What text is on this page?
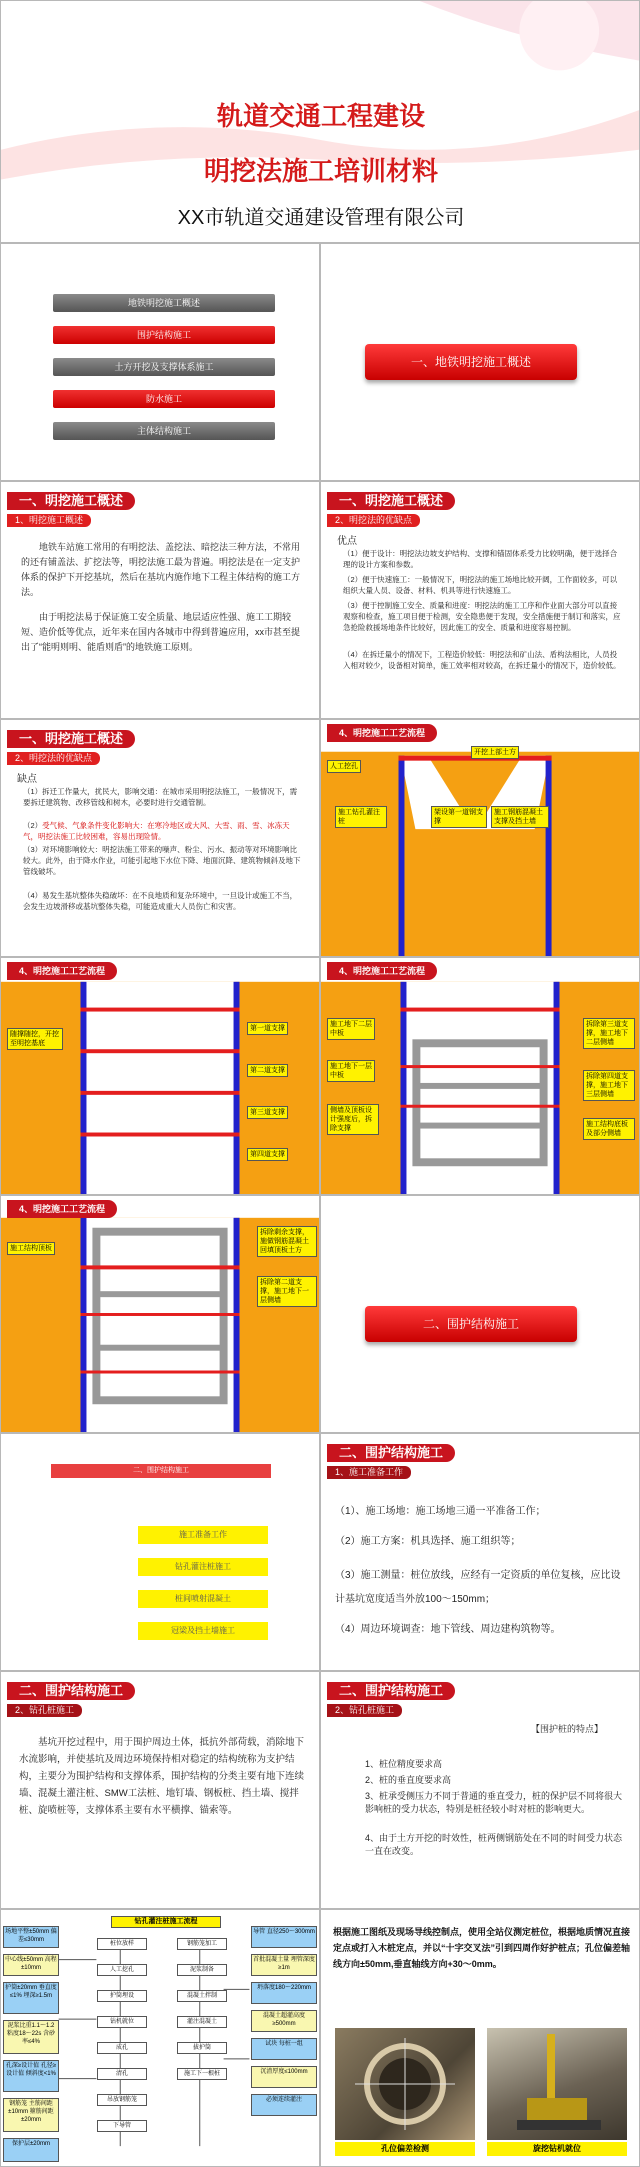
轨道交通工程建设
明挖法施工培训材料
XX市轨道交通建设管理有限公司
地铁明挖施工概述
围护结构施工
土方开挖及支撑体系施工
防水施工
主体结构施工
一、地铁明挖施工概述
一、明挖施工概述
1、明挖施工概述
地铁车站施工常用的有明挖法、盖挖法、暗挖法三种方法，不常用的还有铺盖法、扩挖法等，明挖法施工最为普遍。明挖法是在一定支护体系的保护下开挖基坑，然后在基坑内施作地下工程主体结构的施工方法。
由于明挖法易于保证施工安全质量、地层适应性强、施工工期较短、造价低等优点，近年来在国内各城市中得到普遍应用，xx市甚至提出了“能明则明、能盾则盾”的地铁施工原则。
一、明挖施工概述
2、明挖法的优缺点
优点
（1）便于设计：明挖法边坡支护结构、支撑和锚固体系受力比较明确，便于选择合理的设计方案和参数。
（2）便于快速施工：一般情况下，明挖法的施工场地比较开阔，工作面较多，可以组织大量人员、设备、材料、机具等进行快速施工。
（3）便于控制施工安全、质量和进度：明挖法的施工工序和作业面大部分可以直接观察和检查，施工项目便于检测，安全隐患便于发现，安全措施便于制订和落实，应急抢险救援场地条件比较好，因此施工的安全、质量和进度容易控制。
（4）在拆迁量小的情况下，工程造价较低：明挖法和矿山法、盾构法相比，人员投入相对较少，设备相对简单，施工效率相对较高，在拆迁量小的情况下，造价较低。
一、明挖施工概述
2、明挖法的优缺点
缺点
（1）拆迁工作量大，扰民大，影响交通：在城市采用明挖法施工，一般情况下，需要拆迁建筑物、改移管线和树木，必要时进行交通管制。
（2）受气候、气象条件变化影响大：在寒冷地区或大风、大雪、雨、雪、冰冻天气，明挖法施工比较困难，容易出现险情。
（3）对环境影响较大：明挖法施工带来的噪声、粉尘、污水、振动等对环境影响比较大。此外，由于降水作业，可能引起地下水位下降、地面沉降、建筑物倾斜及地下管线破坏。
（4）易发生基坑整体失稳破坏：在不良地质和复杂环境中，一旦设计或施工不当，会发生边坡滑移或基坑整体失稳，可能造成重大人员伤亡和灾害。
4、明挖施工工艺流程
开挖上部土方
人工挖孔
施工钻孔灌注桩
架设第一道钢支撑
施工钢筋混凝土支撑及挡土墙
4、明挖施工工艺流程
随撑随挖，开挖至明挖基底
第一道支撑
第二道支撑
第三道支撑
第四道支撑
4、明挖施工工艺流程
施工地下二层中板
拆除第三道支撑，施工地下二层侧墙
施工地下一层中板	拆除第四道支撑，施工地下三层侧墙
侧墙及顶板设计强度后，拆除支撑
施工结构底板及部分侧墙
4、明挖施工工艺流程
施工结构顶板
拆除剩余支撑，施做钢筋混凝土回填顶板土方
拆除第二道支撑，施工地下一层侧墙
二、围护结构施工
二、围护结构施工
施工准备工作
钻孔灌注桩施工
桩间喷射混凝土
冠梁及挡土墙施工
二、围护结构施工
1、施工准备工作
（1）、施工场地：施工场地三通一平准备工作；
（2）施工方案：机具选择、施工组织等；
（3）施工测量：桩位放线，应经有一定资质的单位复核，应比设计基坑宽度适当外放100～150mm；
（4）周边环境调查：地下管线、周边建构筑物等。
二、围护结构施工
2、钻孔桩施工
基坑开挖过程中，用于围护周边土体，抵抗外部荷载，消除地下水流影响，并使基坑及周边环境保持相对稳定的结构统称为支护结构，主要分为围护结构和支撑体系，围护结构的分类主要有地下连续墙、混凝土灌注桩、SMW工法桩、地钉墙、钢板桩、挡土墙、搅拌桩、旋喷桩等，支撑体系主要有水平横撑、锚索等。
二、围护结构施工
2、钻孔桩施工
【围护桩的特点】
1、桩位精度要求高
2、桩的垂直度要求高
3、桩承受侧压力不同于普通的垂直受力，桩的保护层不同将很大影响桩的受力状态，特别是桩径较小时对桩的影响更大。
4、由于土方开挖的时效性，桩两侧钢筋处在不同的时间受力状态一直在改变。
钻孔灌注桩施工流程
场地平整±50mm 偏差≤30mm
中心线±50mm 高程±10mm
护筒±20mm 垂直度≤1% 埋深≥1.5m
泥浆比重1.1～1.2 粘度18～22s 含砂率≤4%
孔深≥设计值 孔径≥设计值 倾斜度<1%
钢筋笼 主筋间距±10mm 箍筋间距±20mm
保护层±20mm
桩位放样
人工挖孔
护筒埋设
钻机就位
成孔
清孔
吊放钢筋笼
下导管
灌注混凝土
拔护筒
施工下一根桩
钢筋笼加工
泥浆制备
混凝土拌制
导管 直径250～300mm
首批混凝土量 埋管深度≥1m
坍落度180～220mm
混凝土超灌高度≥500mm
试块 每桩一组
沉渣厚度≤100mm
必须连续灌注
根据施工图纸及现场导线控制点，使用全站仪测定桩位，根据地质情况直接定点或打入木桩定点，并以“十字交叉法”引到四周作好护桩点；孔位偏差轴线方向±50mm,垂直轴线方向+30～0mm。
孔位偏差检测	旋挖钻机就位
